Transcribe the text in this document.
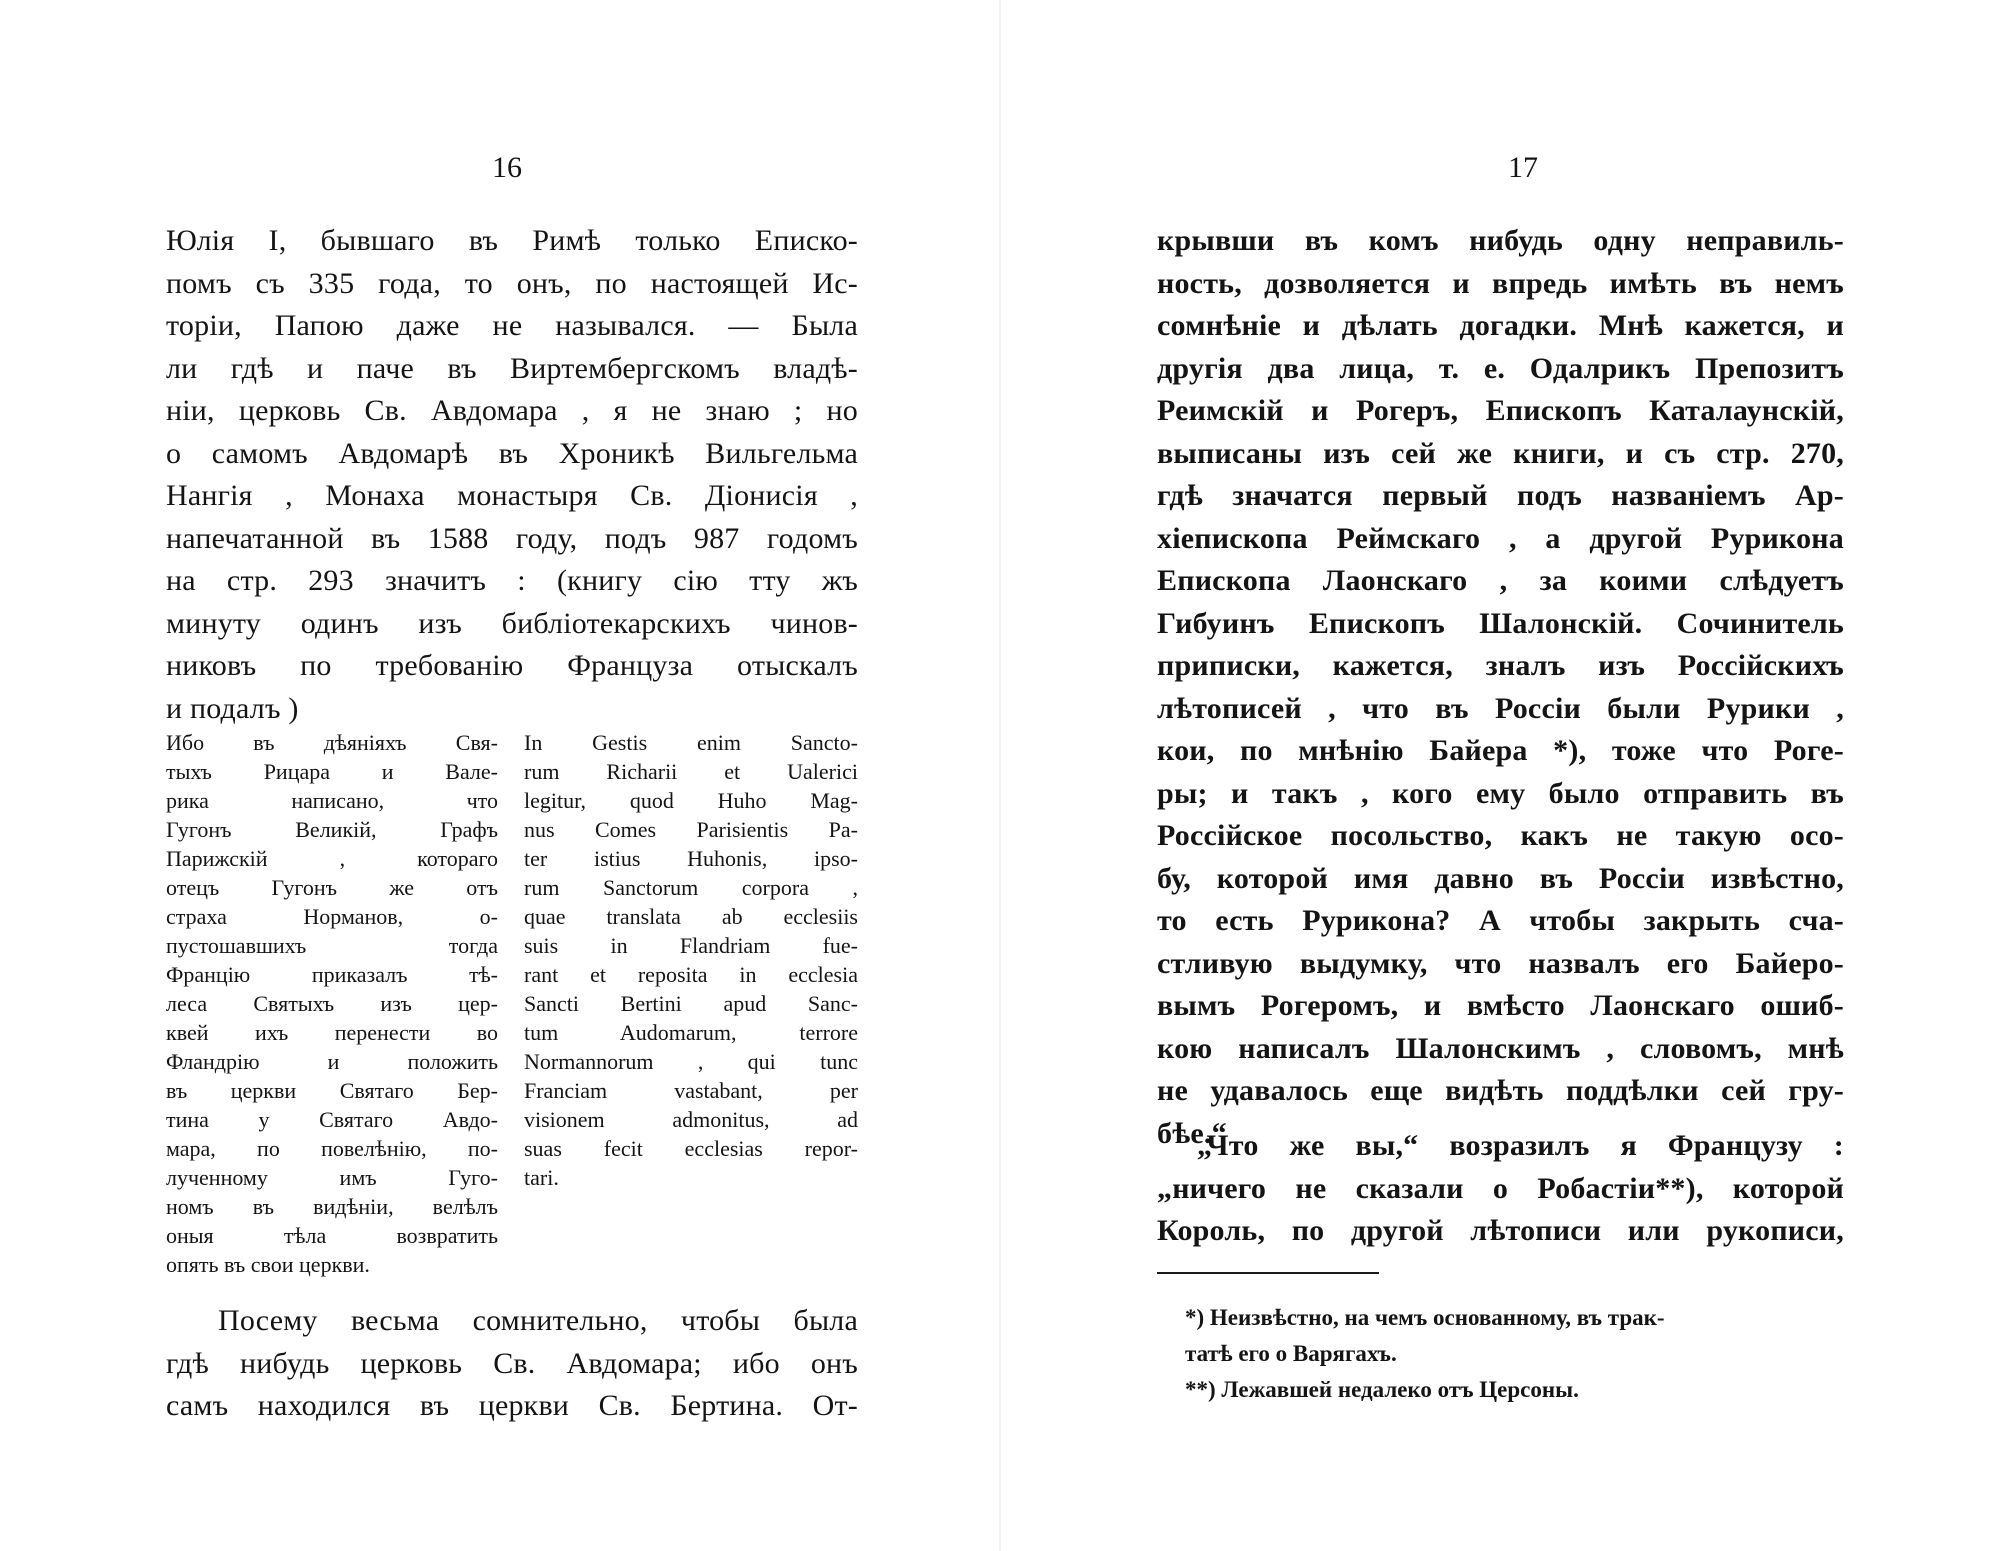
16
Юлія I, бывшаго въ Римѣ только Еписко-
помъ съ 335 года, то онъ, по настоящей Ис-
торіи, Папою даже не назывался. — Была
ли гдѣ и паче въ Виртембергскомъ владѣ-
ніи, церковь Св. Авдомара , я не знаю ; но
о самомъ Авдомарѣ въ Хроникѣ Вильгельма
Нангія , Монаха монастыря Св. Діонисія ,
напечатанной въ 1588 году, подъ 987 годомъ
на стр. 293 значитъ : (книгу сію тту жъ
минуту одинъ изъ библіотекарскихъ чинов-
никовъ по требованію Француза отыскалъ
и подалъ )
Ибо въ дѣяніяхъ Свя-
тыхъ Рицара и Вале-
рика написано, что
Гугонъ Великій, Графъ
Парижскій , котораго
отецъ Гугонъ же отъ
страха Норманов, о-
пустошавшихъ тогда
Францію приказалъ тѣ-
леса Святыхъ изъ цер-
квей ихъ перенести во
Фландрію и положить
въ церкви Святаго Бер-
тина у Святаго Авдо-
мара, по повелѣнію, по-
лученному имъ Гуго-
номъ въ видѣніи, велѣлъ
оныя тѣла возвратить
опять въ свои церкви.
In Gestis enim Sancto-
rum Richarii et Ualerici
legitur, quod Huho Mag-
nus Comes Parisientis Pa-
ter istius Huhonis, ipso-
rum Sanctorum corpora ,
quae translata ab ecclesiis
suis in Flandriam fue-
rant et reposita in ecclesia
Sancti Bertini apud Sanc-
tum Audomarum, terrore
Normannorum , qui tunc
Franciam vastabant, per
visionem admonitus, ad
suas fecit ecclesias repor-
tari.
Посему весьма сомнительно, чтобы была
гдѣ нибудь церковь Св. Авдомара; ибо онъ
самъ находился въ церкви Св. Бертина. От-
17
крывши въ комъ нибудь одну неправиль-
ность, дозволяется и впредь имѣть въ немъ
сомнѣніе и дѣлать догадки. Мнѣ кажется, и
другія два лица, т. е. Одалрикъ Препозитъ
Реимскій и Рогеръ, Епископъ Каталаунскій,
выписаны изъ сей же книги, и съ стр. 270,
гдѣ значатся первый подъ названіемъ Ар-
хіепископа Реймскаго , а другой Рурикона
Епископа Лаонскаго , за коими слѣдуетъ
Гибуинъ Епископъ Шалонскій. Сочинитель
приписки, кажется, зналъ изъ Россійскихъ
лѣтописей , что въ Россіи были Рурики ,
кои, по мнѣнію Байера *), тоже что Роге-
ры; и такъ , кого ему было отправить въ
Россійское посольство, какъ не такую осо-
бу, которой имя давно въ Россіи извѣстно,
то есть Рурикона? А чтобы закрыть сча-
стливую выдумку, что назвалъ его Байеро-
вымъ Рогеромъ, и вмѣсто Лаонскаго ошиб-
кою написалъ Шалонскимъ , словомъ, мнѣ
не удавалось еще видѣть поддѣлки сей гру-
бѣе.“
„Что же вы,“ возразилъ я Французу :
„ничего не сказали о Робастіи**), которой
Король, по другой лѣтописи или рукописи,
*) Неизвѣстно, на чемъ основанному, въ трак-
татѣ его о Варягахъ.
**) Лежавшей недалеко отъ Церсоны.
